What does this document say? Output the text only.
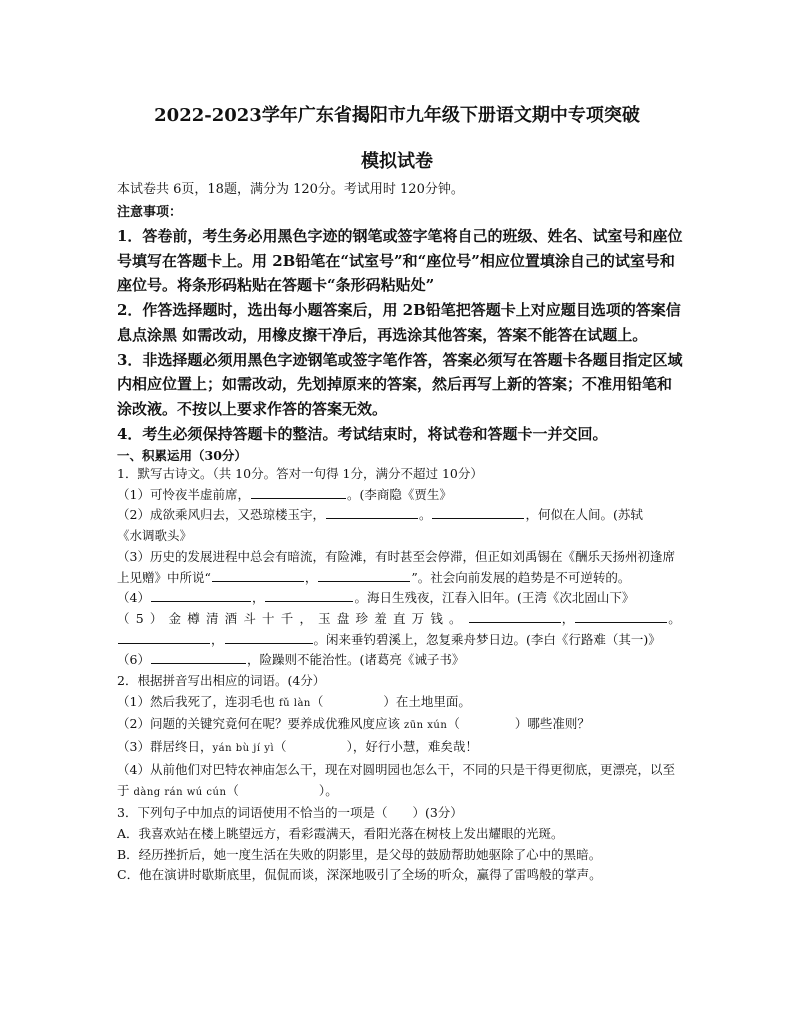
2022-2023学年广东省揭阳市九年级下册语文期中专项突破
模拟试卷
本试卷共 6页，18题，满分为 120分。考试用时 120分钟。
注意事项：

1．答卷前，考生务必用黑色字迹的钢笔或签字笔将自己的班级、姓名、试室号和座位号填写在答题卡上。用 2B铅笔在“试室号”和“座位号”相应位置填涂自己的试室号和座位号。将条形码粘贴在答题卡“条形码粘贴处”

2．作答选择题时，选出每小题答案后，用 2B铅笔把答题卡上对应题目选项的答案信息点涂黑 如需改动，用橡皮擦干净后，再选涂其他答案，答案不能答在试题上。

3．非选择题必须用黑色字迹钢笔或签字笔作答，答案必须写在答题卡各题目指定区域内相应位置上；如需改动，先划掉原来的答案，然后再写上新的答案；不准用铅笔和涂改液。不按以上要求作答的答案无效。

4．考生必须保持答题卡的整洁。考试结束时，将试卷和答题卡一并交回。

一、积累运用（30分）

1．默写古诗文。（共 10分。答对一句得 1分，满分不超过 10分）

（1）可怜夜半虚前席，	。(李商隐《贾生》

（2）成欲乘风归去，又恐琼楼玉宇，	。	，何似在人间。(苏轼
《水调歌头》

（3）历史的发展进程中总会有暗流，有险滩，有时甚至会停滞，但正如刘禹锡在《酬乐天扬州初逢席上见赠》中所说“	，	”。社会向前发展的趋势是不可逆转的。

（4）	，	。海日生残夜，江春入旧年。(王湾《次北固山下》

（5）金樽清酒斗十千，玉盘珍羞直万钱。	，	。
，	。闲来垂钓碧溪上，忽复乘舟梦日边。(李白《行路难（其一)》

（6）	，险躁则不能治性。(诸葛亮《诫子书》

2．根据拼音写出相应的词语。(4分）

（1）然后我死了，连羽毛也 fǔ làn（	）在土地里面。

（2）问题的关键究竟何在呢？要养成优雅风度应该 zūn xún（	）哪些准则？

（3）群居终日，yán bù jí yì（	），好行小慧，难矣哉！

（4）从前他们对巴特农神庙怎么干，现在对圆明园也怎么干，不同的只是干得更彻底，更漂亮，以至于 dàng rán wú cún（	）。

3．下列句子中加点的词语使用不恰当的一项是（　　）(3分）

A．我喜欢站在楼上眺望远方，看彩霞满天，看阳光落在树枝上发出耀眼的光斑。

B．经历挫折后，她一度生活在失败的阴影里，是父母的鼓励帮助她驱除了心中的黑暗。

C．他在演讲时歇斯底里，侃侃而谈，深深地吸引了全场的听众，赢得了雷鸣般的掌声。
